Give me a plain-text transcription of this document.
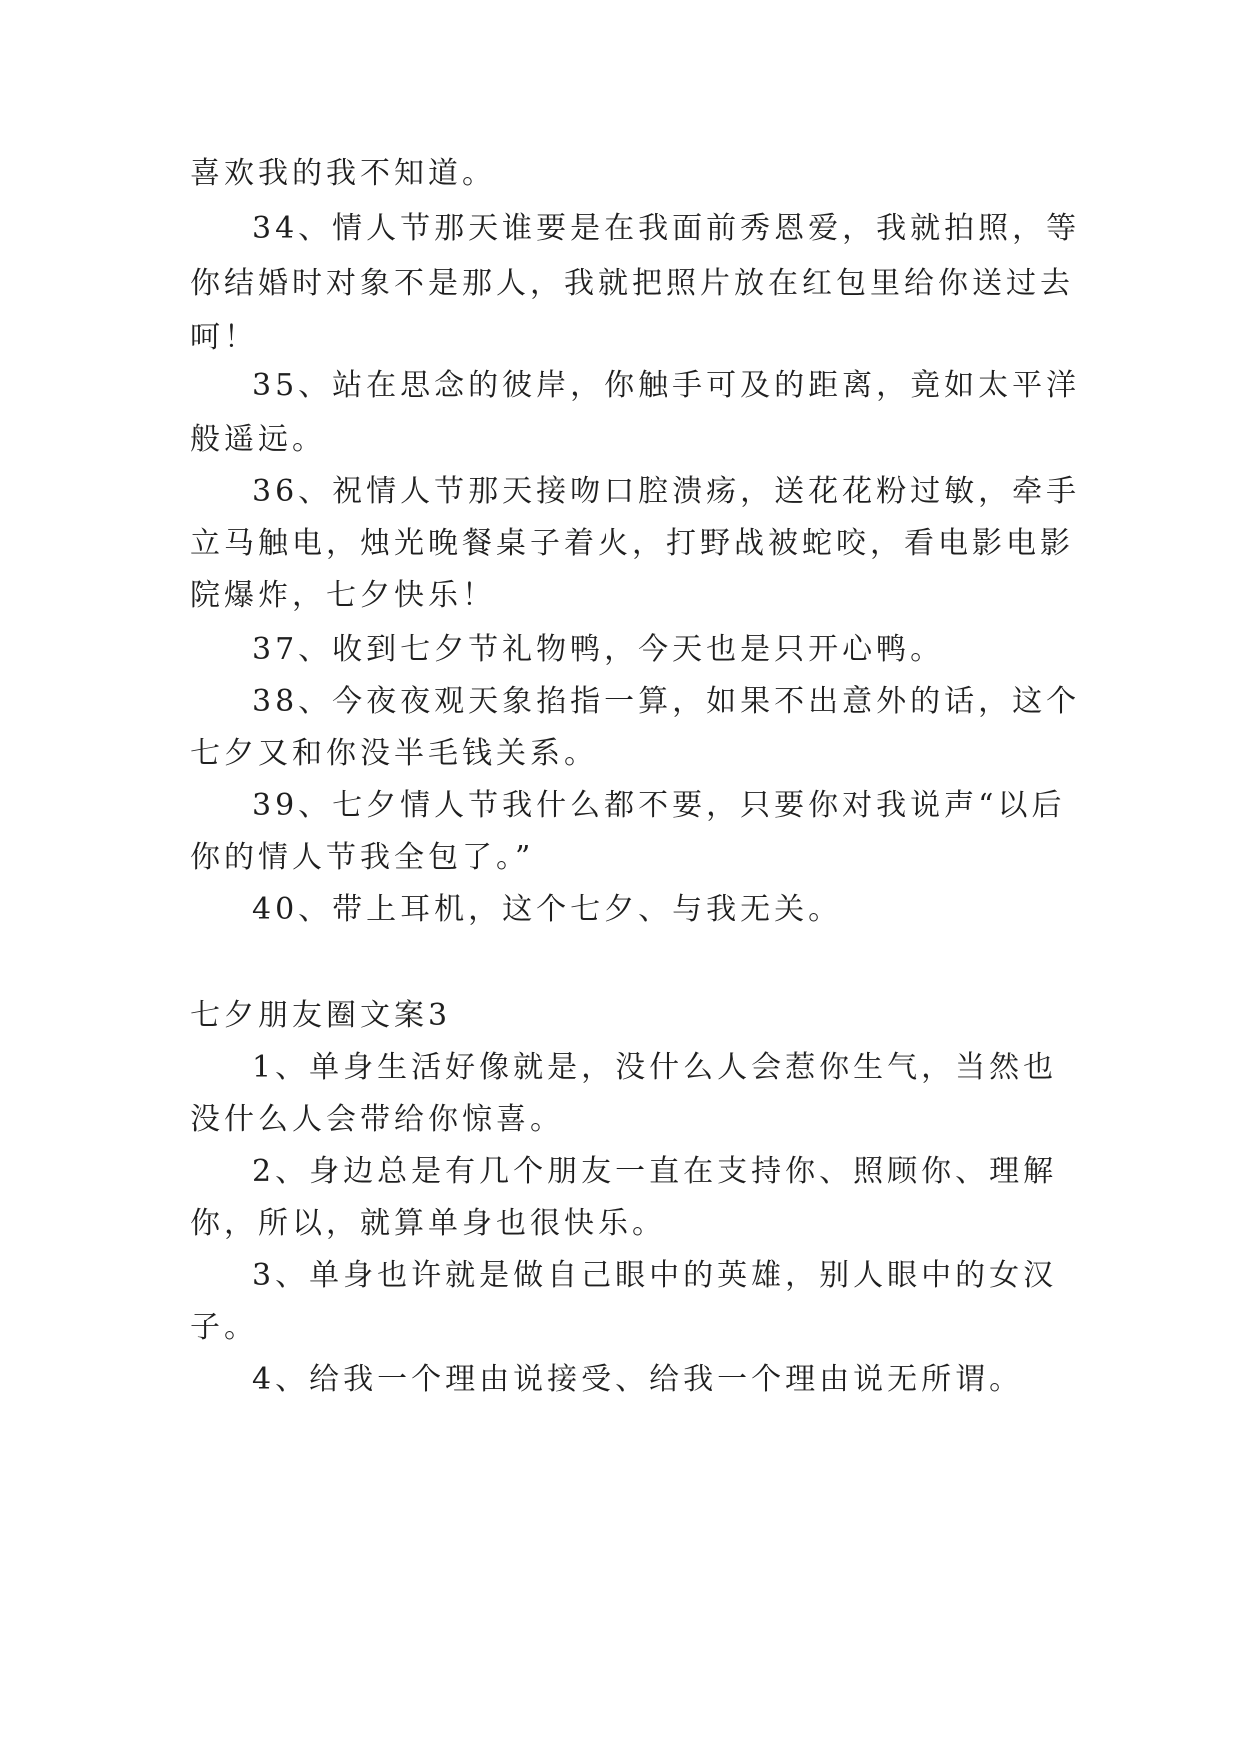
喜欢我的我不知道。
34、情人节那天谁要是在我面前秀恩爱，我就拍照，等
你结婚时对象不是那人，我就把照片放在红包里给你送过去
呵！
35、站在思念的彼岸，你触手可及的距离，竟如太平洋
般遥远。
36、祝情人节那天接吻口腔溃疡，送花花粉过敏，牵手
立马触电，烛光晚餐桌子着火，打野战被蛇咬，看电影电影
院爆炸，七夕快乐！
37、收到七夕节礼物鸭，今天也是只开心鸭。
38、今夜夜观天象掐指一算，如果不出意外的话，这个
七夕又和你没半毛钱关系。
39、七夕情人节我什么都不要，只要你对我说声“以后
你的情人节我全包了。”
40、带上耳机，这个七夕、与我无关。
七夕朋友圈文案3
1、单身生活好像就是，没什么人会惹你生气，当然也
没什么人会带给你惊喜。
2、身边总是有几个朋友一直在支持你、照顾你、理解
你，所以，就算单身也很快乐。
3、单身也许就是做自己眼中的英雄，别人眼中的女汉
子。
4、给我一个理由说接受、给我一个理由说无所谓。
